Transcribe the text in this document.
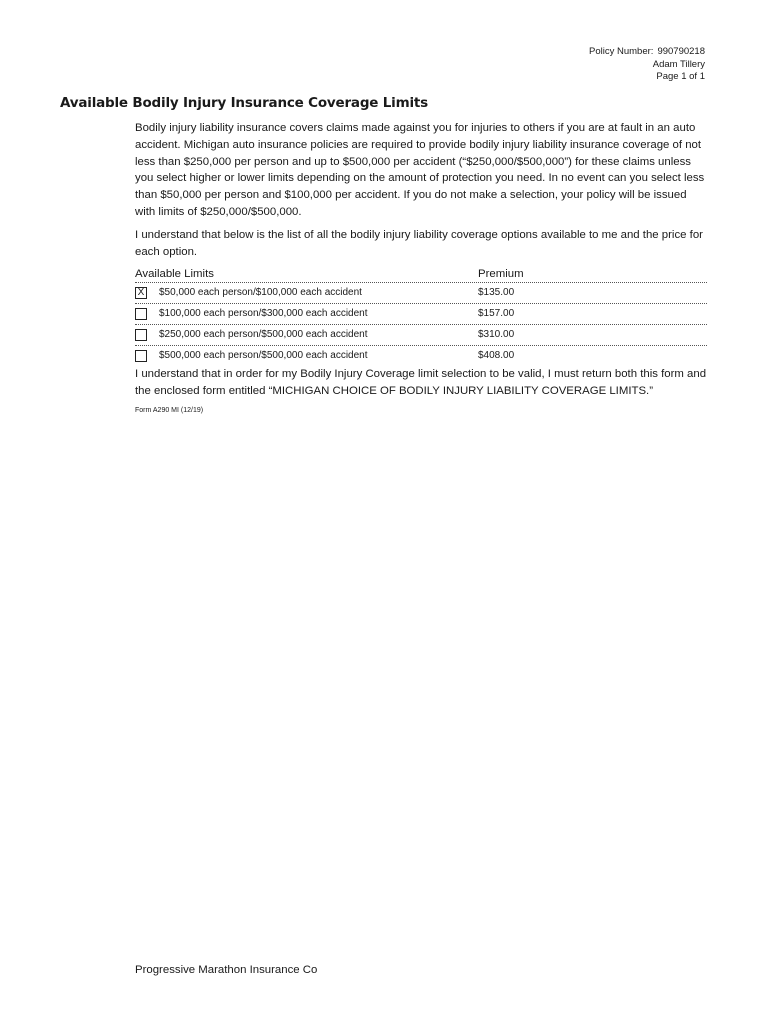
Policy Number: 990790218
Adam Tillery
Page 1 of 1
Available Bodily Injury Insurance Coverage Limits

Bodily injury liability insurance covers claims made against you for injuries to others if you are at fault in an auto accident. Michigan auto insurance policies are required to provide bodily injury liability insurance coverage of not less than $250,000 per person and up to $500,000 per accident (“$250,000/$500,000”) for these claims unless you select higher or lower limits depending on the amount of protection you need. In no event can you select less than $50,000 per person and $100,000 per accident. If you do not make a selection, your policy will be issued with limits of $250,000/$500,000.

I understand that below is the list of all the bodily injury liability coverage options available to me and the price for each option.

Available Limits	Premium
X $50,000 each person/$100,000 each accident	$135.00
$100,000 each person/$300,000 each accident	$157.00
$250,000 each person/$500,000 each accident	$310.00
$500,000 each person/$500,000 each accident	$408.00

I understand that in order for my Bodily Injury Coverage limit selection to be valid, I must return both this form and the enclosed form entitled “MICHIGAN CHOICE OF BODILY INJURY LIABILITY COVERAGE LIMITS.”

Form A290 MI (12/19)
Progressive Marathon Insurance Co
